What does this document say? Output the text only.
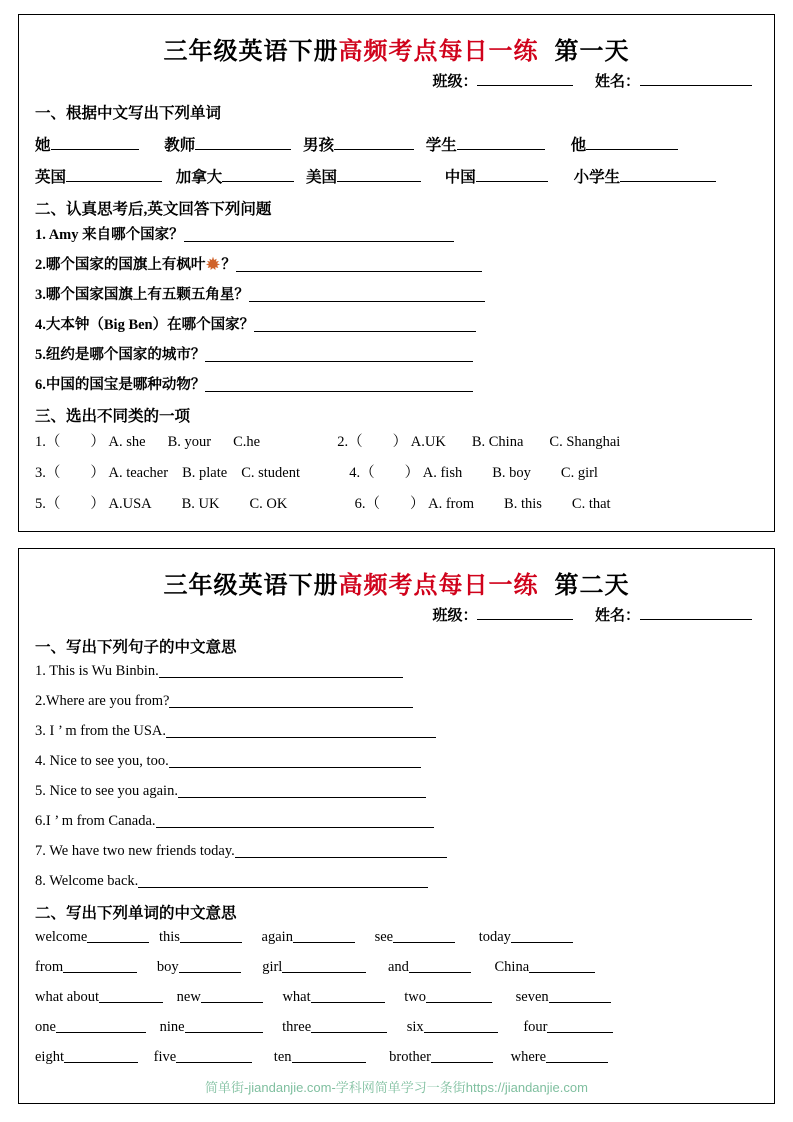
三年级英语下册高频考点每日一练 第一天
班级：	姓名：
一、根据中文写出下列单词
她	教师	男孩	学生	他
英国	加拿大	美国	中国	小学生
二、认真思考后,英文回答下列问题
1. Amy 来自哪个国家？
2.哪个国家的国旗上有枫叶 ？
3.哪个国家国旗上有五颗五角星？
4.大本钟（Big Ben）在哪个国家？
5.纽约是哪个国家的城市？
6.中国的国宝是哪种动物？
三、选出不同类的一项
1.（ ） A. she B. your C.he	2.（ ） A.UK B. China C. Shanghai
3.（ ） A. teacher B. plate C. student	4.（ ） A. fish B. boy C. girl
5.（ ） A.USA B. UK C. OK	6.（ ） A. from B. this C. that
三年级英语下册高频考点每日一练 第二天
班级：	姓名：
一、写出下列句子的中文意思
1. This is Wu Binbin.
2.Where are you from?
3. I ’ m from the USA.
4. Nice to see you, too.
5. Nice to see you again.
6.I ’ m from Canada.
7. We have two new friends today.
8. Welcome back.
二、写出下列单词的中文意思
welcome	this	again	see	today
from	boy	girl	and	China
what about	new	what	two	seven
one	nine	three	six	four
eight	five	ten	brother	where
简单街-jiandanjie.com-学科网简单学习一条街https://jiandanjie.com
